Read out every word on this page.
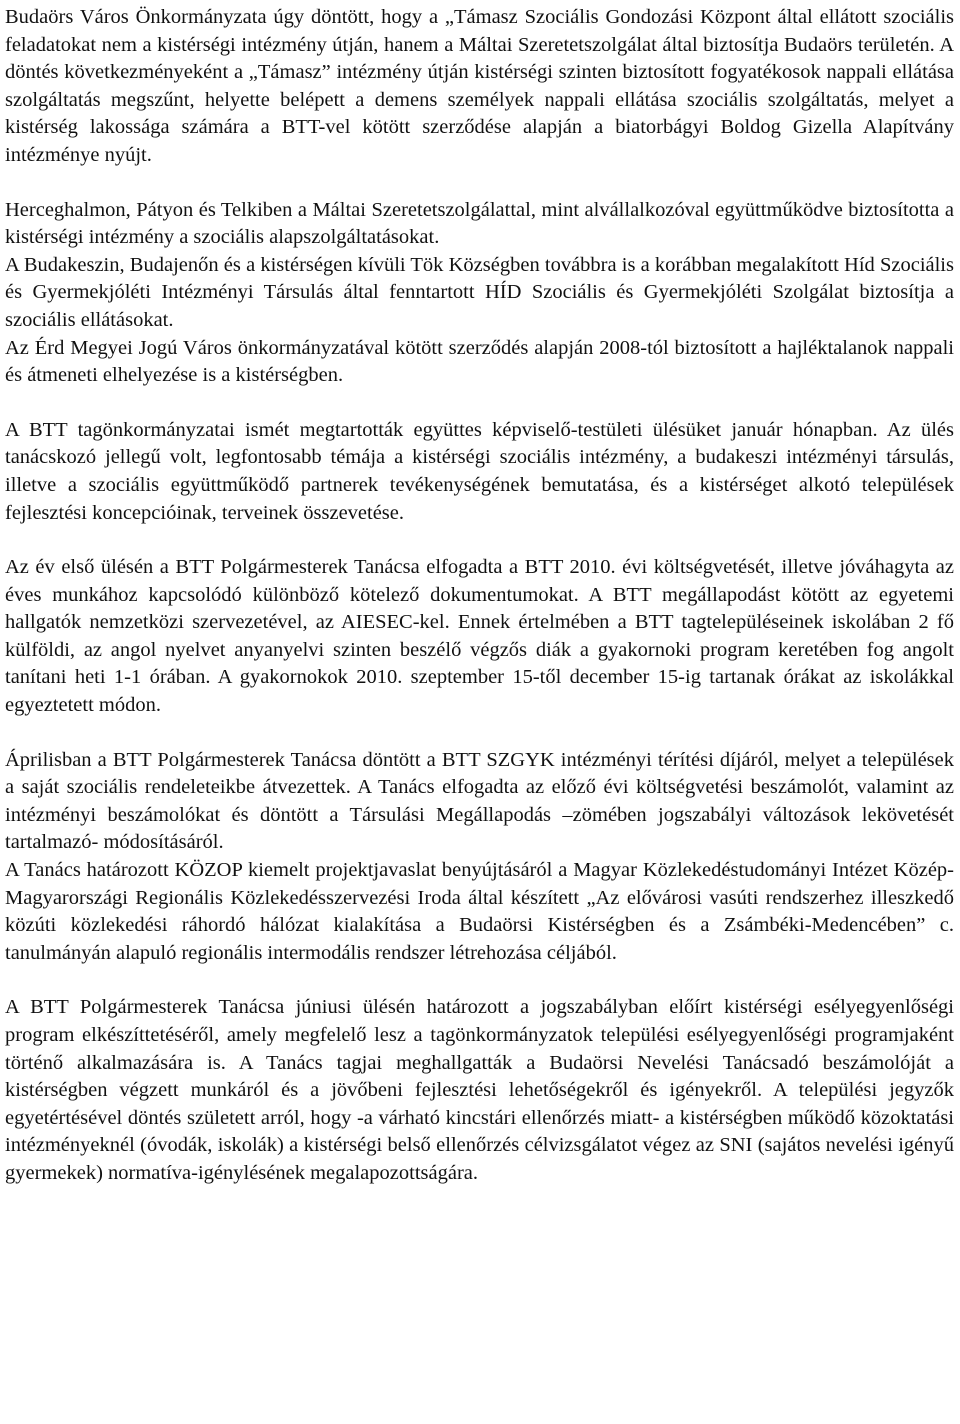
Budaörs Város Önkormányzata úgy döntött, hogy a „Támasz Szociális Gondozási Központ által ellátott szociális feladatokat nem a kistérségi intézmény útján, hanem a Máltai Szeretetszolgálat által biztosítja Budaörs területén. A döntés következményeként a „Támasz” intézmény útján kistérségi szinten biztosított fogyatékosok nappali ellátása szolgáltatás megszűnt, helyette belépett a demens személyek nappali ellátása szociális szolgáltatás, melyet a kistérség lakossága számára a BTT-vel kötött szerződése alapján a biatorbágyi Boldog Gizella Alapítvány intézménye nyújt.

Herceghalmon, Pátyon és Telkiben a Máltai Szeretetszolgálattal, mint alvállalkozóval együttműködve biztosította a kistérségi intézmény a szociális alapszolgáltatásokat.

A Budakeszin, Budajenőn és a kistérségen kívüli Tök Községben továbbra is a korábban megalakított Híd Szociális és Gyermekjóléti Intézményi Társulás által fenntartott HÍD Szociális és Gyermekjóléti Szolgálat biztosítja a szociális ellátásokat.

Az Érd Megyei Jogú Város önkormányzatával kötött szerződés alapján 2008-tól biztosított a hajléktalanok nappali és átmeneti elhelyezése is a kistérségben.

A BTT tagönkormányzatai ismét megtartották együttes képviselő-testületi ülésüket január hónapban. Az ülés tanácskozó jellegű volt, legfontosabb témája a kistérségi szociális intézmény, a budakeszi intézményi társulás, illetve a szociális együttműködő partnerek tevékenységének bemutatása, és a kistérséget alkotó települések fejlesztési koncepcióinak, terveinek összevetése.

Az év első ülésén a BTT Polgármesterek Tanácsa elfogadta a BTT 2010. évi költségvetését, illetve jóváhagyta az éves munkához kapcsolódó különböző kötelező dokumentumokat. A BTT megállapodást kötött az egyetemi hallgatók nemzetközi szervezetével, az AIESEC-kel. Ennek értelmében a BTT tagtelepüléseinek iskolában 2 fő külföldi, az angol nyelvet anyanyelvi szinten beszélő végzős diák a gyakornoki program keretében fog angolt tanítani heti 1-1 órában. A gyakornokok 2010. szeptember 15-től december 15-ig tartanak órákat az iskolákkal egyeztetett módon.

Áprilisban a BTT Polgármesterek Tanácsa döntött a BTT SZGYK intézményi térítési díjáról, melyet a települések a saját szociális rendeleteikbe átvezettek. A Tanács elfogadta az előző évi költségvetési beszámolót, valamint az intézményi beszámolókat és döntött a Társulási Megállapodás –zömében jogszabályi változások lekövetését tartalmazó- módosításáról.

A Tanács határozott KÖZOP kiemelt projektjavaslat benyújtásáról a Magyar Közlekedéstudományi Intézet Közép-Magyarországi Regionális Közlekedésszervezési Iroda által készített „Az elővárosi vasúti rendszerhez illeszkedő közúti közlekedési ráhordó hálózat kialakítása a Budaörsi Kistérségben és a Zsámbéki-Medencében” c. tanulmányán alapuló regionális intermodális rendszer létrehozása céljából.

A BTT Polgármesterek Tanácsa júniusi ülésén határozott a jogszabályban előírt kistérségi esélyegyenlőségi program elkészíttetéséről, amely megfelelő lesz a tagönkormányzatok települési esélyegyenlőségi programjaként történő alkalmazására is. A Tanács tagjai meghallgatták a Budaörsi Nevelési Tanácsadó beszámolóját a kistérségben végzett munkáról és a jövőbeni fejlesztési lehetőségekről és igényekről. A települési jegyzők egyetértésével döntés született arról, hogy -a várható kincstári ellenőrzés miatt- a kistérségben működő közoktatási intézményeknél (óvodák, iskolák) a kistérségi belső ellenőrzés célvizsgálatot végez az SNI (sajátos nevelési igényű gyermekek) normatíva-igénylésének megalapozottságára.
